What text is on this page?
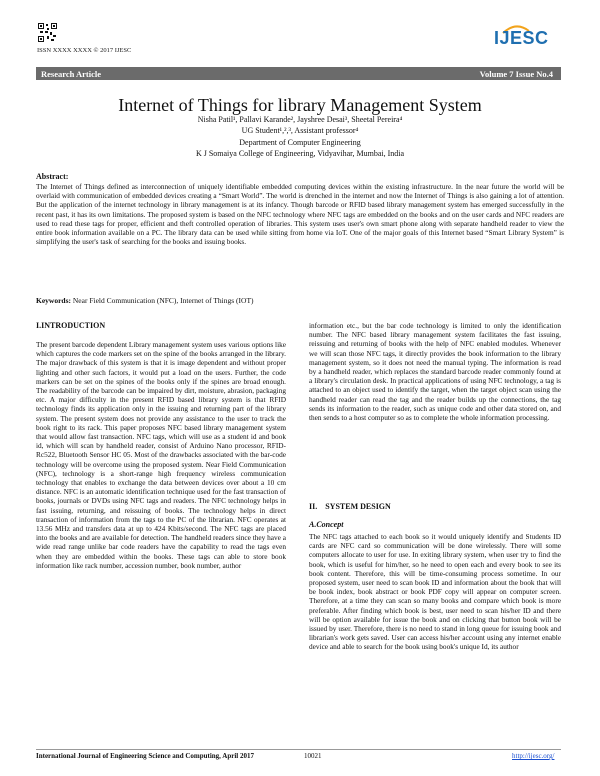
ISSN XXXX XXXX © 2017 IJESC
IJESC
Research Article	Volume 7 Issue No.4
Internet of Things for library Management System
Nisha Patil¹, Pallavi Karande², Jayshree Desai³, Sheetal Pereira⁴
UG Student¹,²,³, Assistant professor⁴
Department of Computer Engineering
K J Somaiya College of Engineering, Vidyavihar, Mumbai, India
Abstract:
The Internet of Things defined as interconnection of uniquely identifiable embedded computing devices within the existing infrastructure. In the near future the world will be overlaid with communication of embedded devices creating a “Smart World”. The world is drenched in the internet and now the Internet of Things is also gaining a lot of attention. But the application of the internet technology in library management is at its infancy. Though barcode or RFID based library management system has emerged successfully in the recent past, it has its own limitations. The proposed system is based on the NFC technology where NFC tags are embedded on the books and on the user cards and NFC readers are used to read these tags for proper, efficient and theft controlled operation of libraries. This system uses user's own smart phone along with separate handheld reader to view the entire book information available on a PC. The library data can be used while sitting from home via IoT. One of the major goals of this Internet based “Smart Library System” is simplifying the user's task of searching for the books and issuing books.
Keywords: Near Field Communication (NFC), Internet of Things (IOT)
I.INTRODUCTION
The present barcode dependent Library management system uses various options like which captures the code markers set on the spine of the books arranged in the library. The major drawback of this system is that it is image dependent and without proper lighting and other such factors, it would put a load on the users. Further, the code markers can be set on the spines of the books only if the spines are broad enough. The readability of the barcode can be impaired by dirt, moisture, abrasion, packaging etc. A major difficulty in the present RFID based library system is that RFID technology finds its application only in the issuing and returning part of the library system. The present system does not provide any assistance to the user to track the book right to its rack. This paper proposes NFC based library management system that would allow fast transaction. NFC tags, which will use as a student id and book id, which will scan by handheld reader, consist of Arduino Nano processor, RFID-Rc522, Bluetooth Sensor HC 05. Most of the drawbacks associated with the bar-code technology will be overcome using the proposed system. Near Field Communication (NFC), technology is a short-range high frequency wireless communication technology that enables to exchange the data between devices over about a 10 cm distance. NFC is an automatic identification technique used for the fast transaction of books, journals or DVDs using NFC tags and readers. The NFC technology helps in fast issuing, returning, and reissuing of books. The technology helps in direct transaction of information from the tags to the PC of the librarian. NFC operates at 13.56 MHz and transfers data at up to 424 Kbits/second. The NFC tags are placed into the books and are available for detection. The handheld readers since they have a wide read range unlike bar code readers have the capability to read the tags even when they are embedded within the books. These tags can able to store book information like rack number, accession number, book number, author
information etc., but the bar code technology is limited to only the identification number. The NFC based library management system facilitates the fast issuing, reissuing and returning of books with the help of NFC enabled modules. Whenever we will scan those NFC tags, it directly provides the book information to the library management system, so it does not need the manual typing. The information is read by a handheld reader, which replaces the standard barcode reader commonly found at a library's circulation desk. In practical applications of using NFC technology, a tag is attached to an object used to identify the target, when the target object scan using the handheld reader can read the tag and the reader builds up the connections, the tag sends its information to the reader, such as unique code and other data stored on, and then sends to a host computer so as to complete the whole information processing.
II.    SYSTEM DESIGN
A.Concept
The NFC tags attached to each book so it would uniquely identify and Students ID cards are NFC card so communication will be done wirelessly. There will some computers allocate to user for use. In exiting library system, when user try to find the book, which is useful for him/her, so he need to open each and every book to see its book content. Therefore, this will be time-consuming process sometime. In our proposed system, user need to scan book ID and information about the book that will be book index, book abstract or book PDF copy will appear on computer screen. Therefore, at a time they can scan so many books and compare which book is more preferable. After finding which book is best, user need to scan his/her ID and there will be option available for issue the book and on clicking that button book will be issued by user. Therefore, there is no need to stand in long queue for issuing book and librarian's work gets saved. User can access his/her account using any internet enable device and able to search for the book using book's unique Id, its author
International Journal of Engineering Science and Computing, April 2017	10021	http://ijesc.org/
